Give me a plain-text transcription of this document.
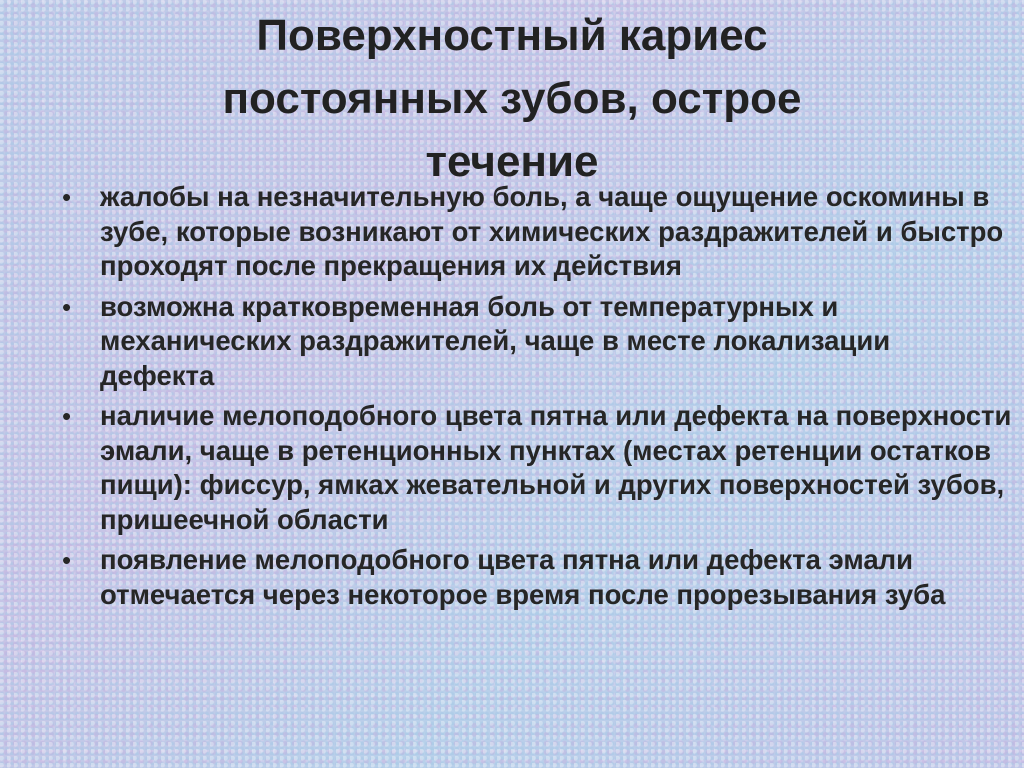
Поверхностный кариес
постоянных зубов, острое
течение
• жалобы на незначительную боль, а чаще ощущение оскомины в зубе, которые возникают от химических раздражителей и быстро проходят после прекращения их действия
• возможна кратковременная боль от температурных и механических раздражителей, чаще в месте локализации дефекта
• наличие мелоподобного цвета пятна или дефекта на поверхности эмали, чаще в ретенционных пунктах (местах ретенции остатков пищи): фиссур, ямках жевательной и других поверхностей зубов, пришеечной области
• появление мелоподобного цвета пятна или дефекта эмали отмечается через некоторое время после прорезывания зуба
